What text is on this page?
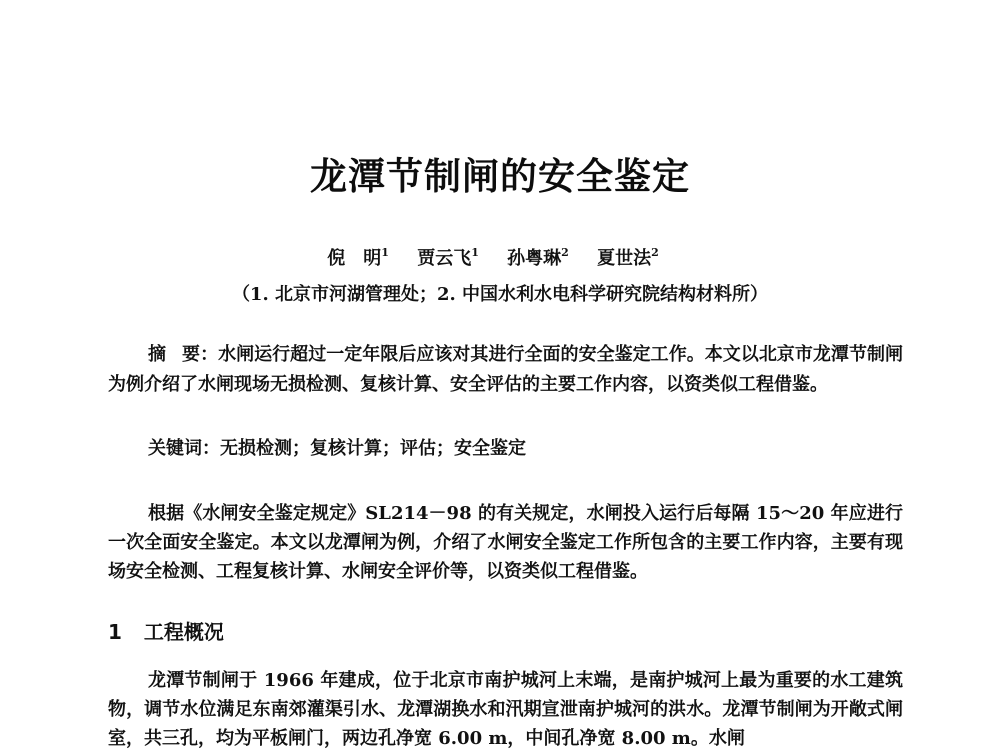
龙潭节制闸的安全鉴定
倪　明$^1$ 贾云飞$^1$ 孙粤琳$^2$ 夏世法$^2$
（1. 北京市河湖管理处；2. 中国水利水电科学研究院结构材料所）
摘要：水闸运行超过一定年限后应该对其进行全面的安全鉴定工作。本文以北京市龙潭节制闸为例介绍了水闸现场无损检测、复核计算、安全评估的主要工作内容，以资类似工程借鉴。
关键词：无损检测；复核计算；评估；安全鉴定
根据《水闸安全鉴定规定》SL214－98 的有关规定，水闸投入运行后每隔 15～20 年应进行一次全面安全鉴定。本文以龙潭闸为例，介绍了水闸安全鉴定工作所包含的主要工作内容，主要有现场安全检测、工程复核计算、水闸安全评价等，以资类似工程借鉴。
1 工程概况
龙潭节制闸于 1966 年建成，位于北京市南护城河上末端，是南护城河上最为重要的水工建筑物，调节水位满足东南郊灌渠引水、龙潭湖换水和汛期宣泄南护城河的洪水。龙潭节制闸为开敞式闸室，共三孔，均为平板闸门，两边孔净宽 6.00 m，中间孔净宽 8.00 m。水闸
